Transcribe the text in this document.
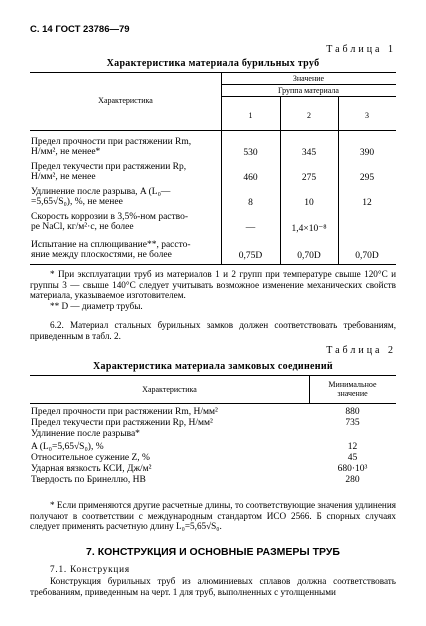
С. 14 ГОСТ 23786—79
Таблица 1
Характеристика материала бурильных труб
Характеристика
Значение
Группа материала
1	2	3
Предел прочности при растяжении Rm,
Н/мм², не менее*	530	345	390
Предел текучести при растяжении Rp,
Н/мм², не менее	460	275	295
Удлинение после разрыва, A (L₀—
=5,65√S₀), %, не менее	8	10	12
Скорость коррозии в 3,5%-ном раство-
ре NaCl, кг/м²·с, не более	—	1,4×10⁻⁸
Испытание на сплющивание**, рассто-
яние между плоскостями, не более	0,75D	0,70D	0,70D
* При эксплуатации труб из материалов 1 и 2 групп при температуре свыше 120°С и группы 3 — свыше 140°С следует учитывать возможное изменение механических свойств материала, указываемое изготовителем.
** D — диаметр трубы.
6.2. Материал стальных бурильных замков должен соответствовать требованиям, приведенным в табл. 2.
Таблица 2
Характеристика материала замковых соединений
Характеристика
Минимальное
значение
Предел прочности при растяжении Rm, Н/мм²	880
Предел текучести при растяжении Rp, Н/мм²	735
Удлинение после разрыва*
A (L₀=5,65√S₀), %	12
Относительное сужение Z, %	45
Ударная вязкость КСИ, Дж/м²	680·10³
Твердость по Бринеллю, НВ	280
* Если применяются другие расчетные длины, то соответствующие значения удлинения получают в соответствии с международным стандартом ИСО 2566. Б спорных случаях следует применять расчетную длину L₀=5,65√S₀.
7. КОНСТРУКЦИЯ И ОСНОВНЫЕ РАЗМЕРЫ ТРУБ
7.1. Конструкция
Конструкция бурильных труб из алюминиевых сплавов должна соответствовать требованиям, приведенным на черт. 1 для труб, выполненных с утолщенными
